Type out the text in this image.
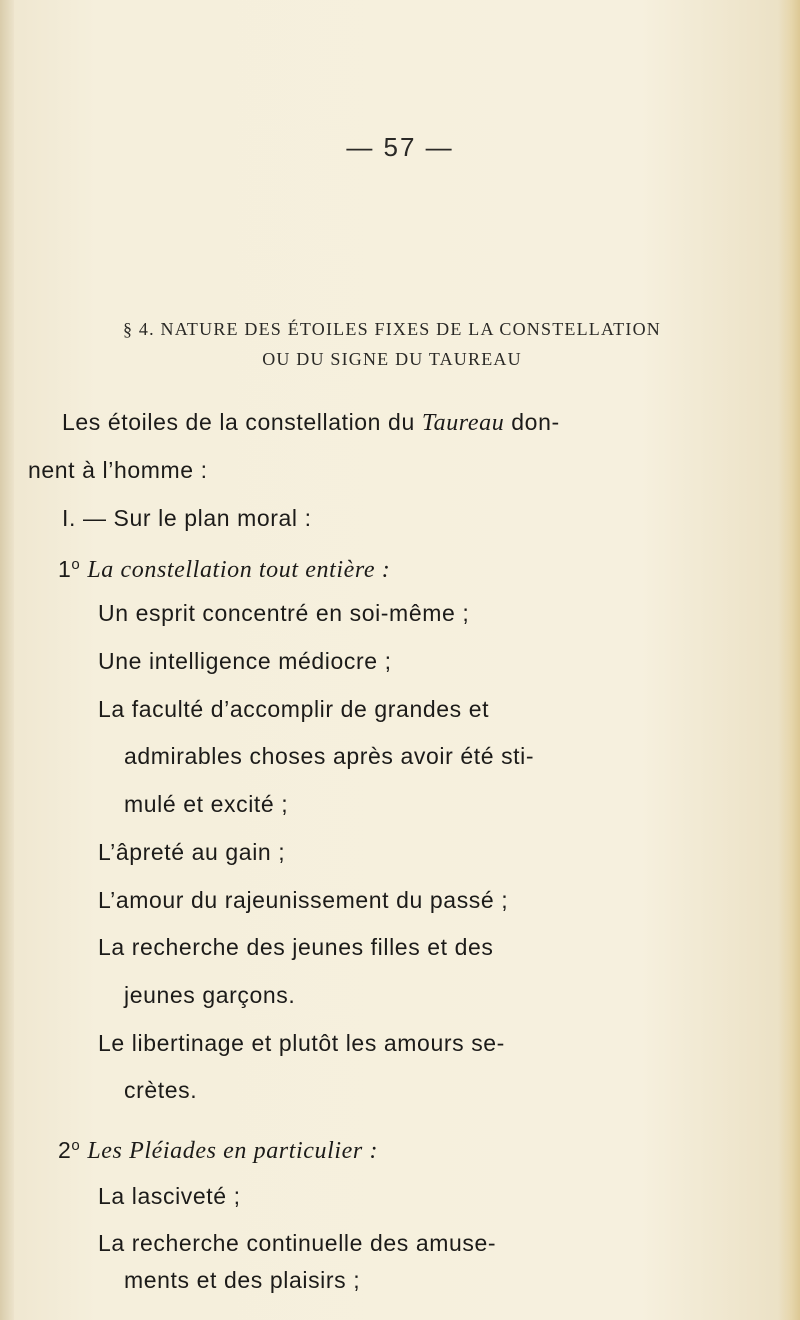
— 57 —
§ 4. NATURE DES ÉTOILES FIXES DE LA CONSTELLATION
OU DU SIGNE DU TAUREAU
Les étoiles de la constellation du Taureau don-
nent à l’homme :
I. — Sur le plan moral :
1$^o$ La constellation tout entière :
Un esprit concentré en soi-même ;
Une intelligence médiocre ;
La faculté d’accomplir de grandes et
admirables choses après avoir été sti-
mulé et excité ;
L’âpreté au gain ;
L’amour du rajeunissement du passé ;
La recherche des jeunes filles et des
jeunes garçons.
Le libertinage et plutôt les amours se-
crètes.
2$^o$ Les Pléiades en particulier :
La lasciveté ;
La recherche continuelle des amuse-
ments et des plaisirs ;
